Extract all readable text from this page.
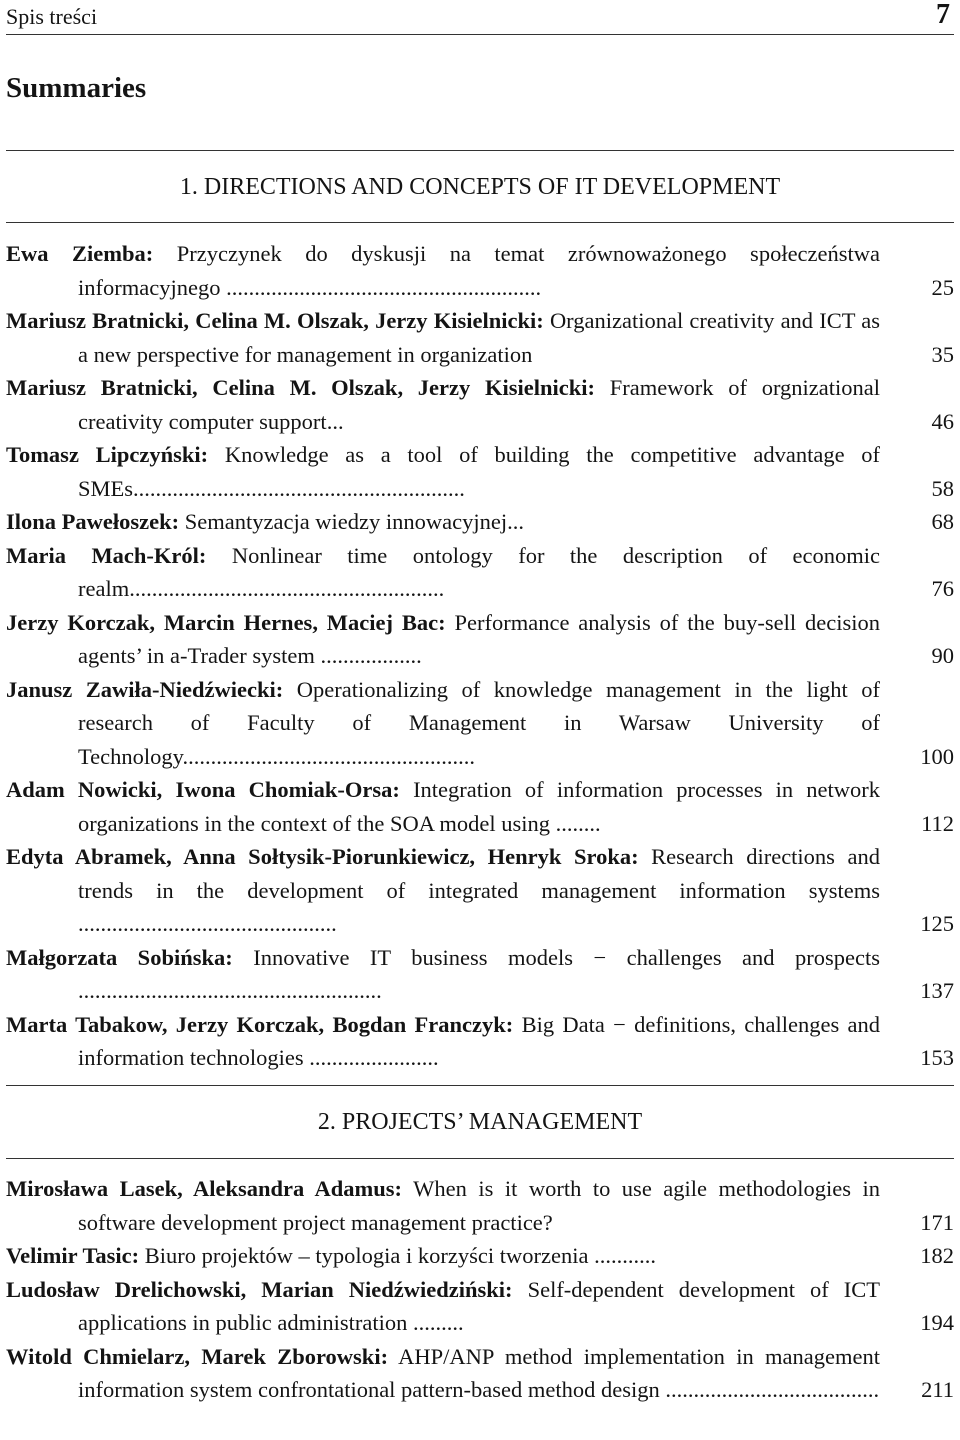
Spis treści	7
Summaries
1. DIRECTIONS AND CONCEPTS OF IT DEVELOPMENT
Ewa Ziemba: Przyczynek do dyskusji na temat zrównoważonego społeczeństwa informacyjnego ........................................................	25
Mariusz Bratnicki, Celina M. Olszak, Jerzy Kisielnicki: Organizational creativity and ICT as a new perspective for management in organization	35
Mariusz Bratnicki, Celina M. Olszak, Jerzy Kisielnicki: Framework of orgnizational creativity computer support...	46
Tomasz Lipczyński: Knowledge as a tool of building the competitive advantage of SMEs...........................................................	58
Ilona Pawełoszek: Semantyzacja wiedzy innowacyjnej...	68
Maria Mach-Król: Nonlinear time ontology for the description of economic realm........................................................	76
Jerzy Korczak, Marcin Hernes, Maciej Bac: Performance analysis of the buy-sell decision agents’ in a-Trader system ..................	90
Janusz Zawiła-Niedźwiecki: Operationalizing of knowledge management in the light of research of Faculty of Management in Warsaw University of Technology....................................................	100
Adam Nowicki, Iwona Chomiak-Orsa: Integration of information processes in network organizations in the context of the SOA model using ........	112
Edyta Abramek, Anna Sołtysik-Piorunkiewicz, Henryk Sroka: Research directions and trends in the development of integrated management information systems ..............................................	125
Małgorzata Sobińska: Innovative IT business models − challenges and prospects ......................................................	137
Marta Tabakow, Jerzy Korczak, Bogdan Franczyk: Big Data − definitions, challenges and information technologies .......................	153
2. PROJECTS’ MANAGEMENT
Mirosława Lasek, Aleksandra Adamus: When is it worth to use agile methodologies in software development project management practice?	171
Velimir Tasic: Biuro projektów – typologia i korzyści tworzenia ...........	182
Ludosław Drelichowski, Marian Niedźwiedziński: Self-dependent development of ICT applications in public administration .........	194
Witold Chmielarz, Marek Zborowski: AHP/ANP method implementation in management information system confrontational pattern-based method design ...................................... 211
